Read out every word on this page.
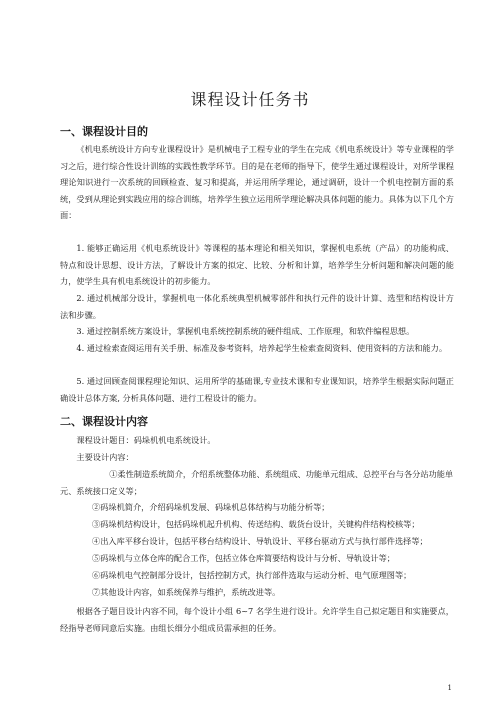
课程设计任务书
一、课程设计目的

《机电系统设计方向专业课程设计》是机械电子工程专业的学生在完成《机电系统设计》等专业课程的学习之后，进行综合性设计训练的实践性教学环节。目的是在老师的指导下，使学生通过课程设计，对所学课程理论知识进行一次系统的回顾检查、复习和提高，并运用所学理论，通过调研，设计一个机电控制方面的系统，受到从理论到实践应用的综合训练，培养学生独立运用所学理论解决具体问题的能力。具体为以下几个方面：

1. 能够正确运用《机电系统设计》等课程的基本理论和相关知识，掌握机电系统（产品）的功能构成、特点和设计思想、设计方法，了解设计方案的拟定、比较、分析和计算，培养学生分析问题和解决问题的能力，使学生具有机电系统设计的初步能力。

2. 通过机械部分设计，掌握机电一体化系统典型机械零部件和执行元件的设计计算、选型和结构设计方法和步骤。

3. 通过控制系统方案设计，掌握机电系统控制系统的硬件组成、工作原理，和软件编程思想。

4. 通过检索查阅运用有关手册、标准及参考资料，培养起学生检索查阅资料、使用资料的方法和能力。

5. 通过回顾查阅课程理论知识、运用所学的基础课,专业技术课和专业课知识，培养学生根据实际问题正确设计总体方案, 分析具体问题、进行工程设计的能力。

二、课程设计内容

课程设计题目：码垛机机电系统设计。

主要设计内容：

①柔性制造系统简介，介绍系统整体功能、系统组成、功能单元组成、总控平台与各分站功能单元、系统接口定义等；

②码垛机简介，介绍码垛机发展、码垛机总体结构与功能分析等；

③码垛机结构设计，包括码垛机起升机构、传送结构、载货台设计，关键构件结构校核等；

④出入库平移台设计，包括平移台结构设计、导轨设计、平移台驱动方式与执行部件选择等；

⑤码垛机与立体仓库的配合工作，包括立体仓库简要结构设计与分析、导轨设计等；

⑥码垛机电气控制部分设计，包括控制方式，执行部件选取与运动分析、电气原理图等；

⑦其他设计内容，如系统保养与维护，系统改进等。

根据各子题目设计内容不同，每个设计小组 6~7 名学生进行设计。允许学生自己拟定题目和实施要点，经指导老师同意后实施。由组长细分小组成员需承担的任务。

1
